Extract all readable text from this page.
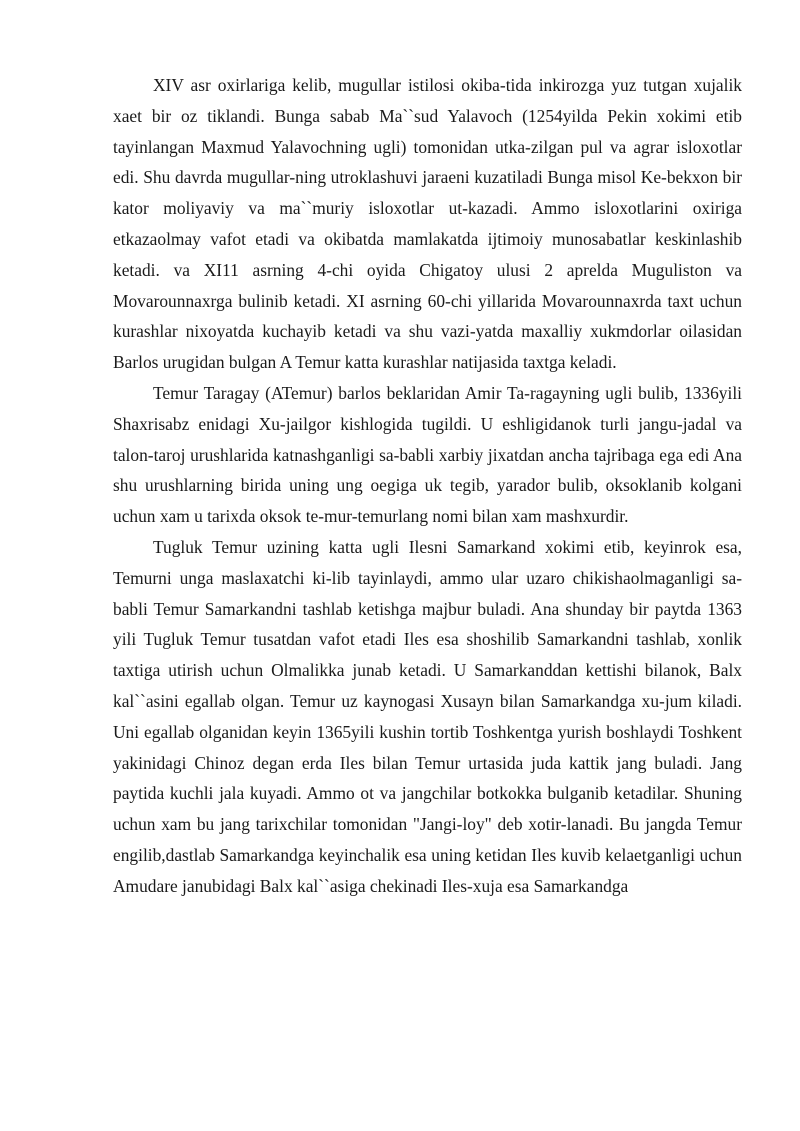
XIV asr oxirlariga kelib, mugullar istilosi okiba-tida inkirozga yuz tutgan xujalik xaet bir oz tiklandi. Bunga sabab Ma``sud Yalavoch (1254yilda Pekin xokimi etib tayinlangan Maxmud Yalavochning ugli) tomonidan utka-zilgan pul va agrar isloxotlar edi. Shu davrda mugullar-ning utroklashuvi jaraeni kuzatiladi Bunga misol Ke-bekxon bir kator moliyaviy va ma``muriy isloxotlar ut-kazadi. Ammo isloxotlarini oxiriga etkazaolmay vafot etadi va okibatda mamlakatda ijtimoiy munosabatlar keskinlashib ketadi. va XI11 asrning 4-chi oyida Chigatoy ulusi 2 aprelda Muguliston va Movarounnaxrga bulinib ketadi. XI asrning 60-chi yillarida Movarounnaxrda taxt uchun kurashlar nixoyatda kuchayib ketadi va shu vazi-yatda maxalliy xukmdorlar oilasidan Barlos urugidan bulgan A Temur katta kurashlar natijasida taxtga keladi.

Temur Taragay (ATemur) barlos beklaridan Amir Ta-ragayning ugli bulib, 1336yili Shaxrisabz enidagi Xu-jailgor kishlogida tugildi. U eshligidanok turli jangu-jadal va talon-taroj urushlarida katnashganligi sa-babli xarbiy jixatdan ancha tajribaga ega edi Ana shu urushlarning birida uning ung oegiga uk tegib, yarador bulib, oksoklanib kolgani uchun xam u tarixda oksok te-mur-temurlang nomi bilan xam mashxurdir.

Tugluk Temur uzining katta ugli Ilesni Samarkand xokimi etib, keyinrok esa, Temurni unga maslaxatchi ki-lib tayinlaydi, ammo ular uzaro chikishaolmaganligi sa-babli Temur Samarkandni tashlab ketishga majbur buladi. Ana shunday bir paytda 1363 yili Tugluk Temur tusatdan vafot etadi Iles esa shoshilib Samarkandni tashlab, xonlik taxtiga utirish uchun Olmalikka junab ketadi. U Samarkanddan kettishi bilanok, Balx kal``asini egallab olgan. Temur uz kaynogasi Xusayn bilan Samarkandga xu-jum kiladi. Uni egallab olganidan keyin 1365yili kushin tortib Toshkentga yurish boshlaydi Toshkent yakinidagi Chinoz degan erda Iles bilan Temur urtasida juda kattik jang buladi. Jang paytida kuchli jala kuyadi. Ammo ot va jangchilar botkokka bulganib ketadilar. Shuning uchun xam bu jang tarixchilar tomonidan "Jangi-loy" deb xotir-lanadi. Bu jangda Temur engilib,dastlab Samarkandga keyinchalik esa uning ketidan Iles kuvib kelaetganligi uchun Amudare janubidagi Balx kal``asiga chekinadi Iles-xuja esa Samarkandga
